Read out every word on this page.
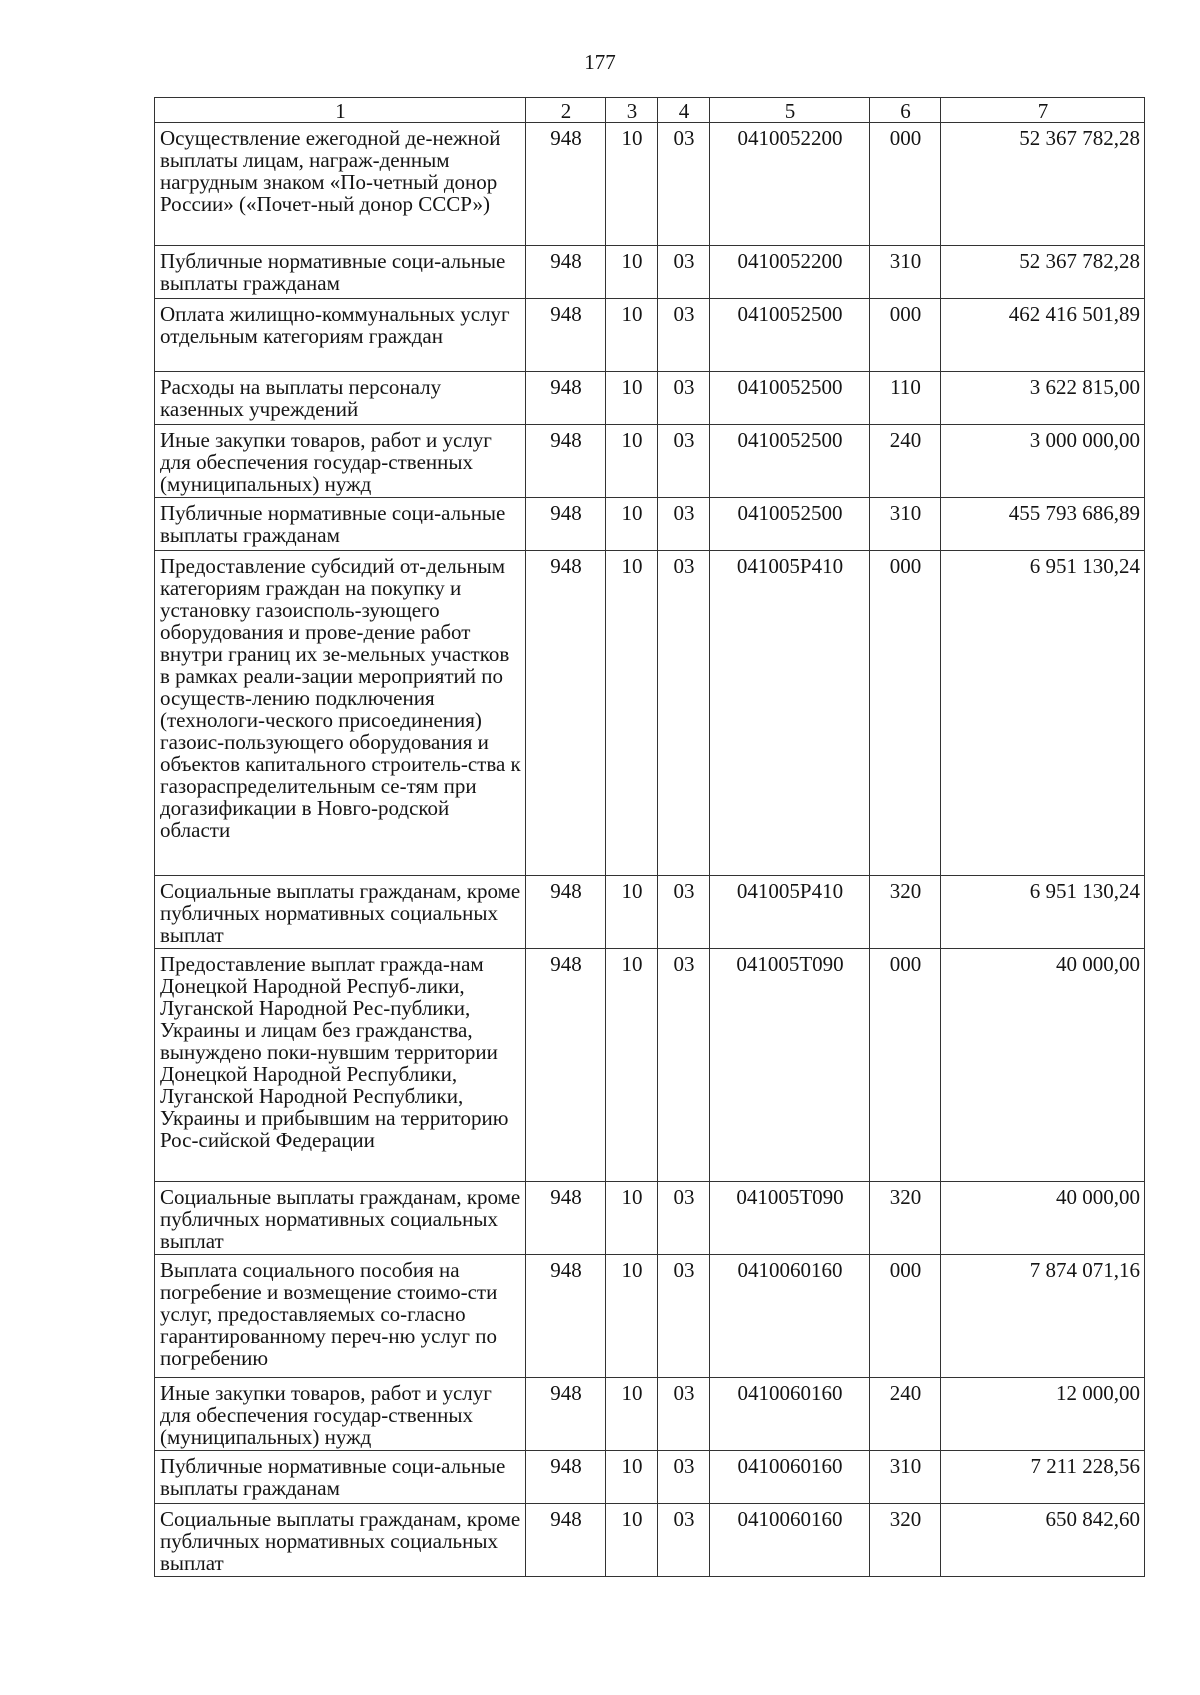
177
1	2	3	4	5	6	7
Осуществление ежегодной де-нежной выплаты лицам, награж-денным нагрудным знаком «По-четный донор России» («Почет-ный донор СССР»)	948	10	03	0410052200	000	52 367 782,28
Публичные нормативные соци-альные выплаты гражданам	948	10	03	0410052200	310	52 367 782,28
Оплата жилищно-коммунальных услуг отдельным категориям граждан	948	10	03	0410052500	000	462 416 501,89
Расходы на выплаты персоналу казенных учреждений	948	10	03	0410052500	110	3 622 815,00
Иные закупки товаров, работ и услуг для обеспечения государ-ственных (муниципальных) нужд	948	10	03	0410052500	240	3 000 000,00
Публичные нормативные соци-альные выплаты гражданам	948	10	03	0410052500	310	455 793 686,89
Предоставление субсидий от-дельным категориям граждан на покупку и установку газоисполь-зующего оборудования и прове-дение работ внутри границ их зе-мельных участков в рамках реали-зации мероприятий по осуществ-лению подключения (технологи-ческого присоединения) газоис-пользующего оборудования и объектов капитального строитель-ства к газораспределительным се-тям при догазификации в Новго-родской области	948	10	03	041005Р410	000	6 951 130,24
Социальные выплаты гражданам, кроме публичных нормативных социальных выплат	948	10	03	041005Р410	320	6 951 130,24
Предоставление выплат гражда-нам Донецкой Народной Респуб-лики, Луганской Народной Рес-публики, Украины и лицам без гражданства, вынуждено поки-нувшим территории Донецкой Народной Республики, Луганской Народной Республики, Украины и прибывшим на территорию Рос-сийской Федерации	948	10	03	041005Т090	000	40 000,00
Социальные выплаты гражданам, кроме публичных нормативных социальных выплат	948	10	03	041005Т090	320	40 000,00
Выплата социального пособия на погребение и возмещение стоимо-сти услуг, предоставляемых со-гласно гарантированному переч-ню услуг по погребению	948	10	03	0410060160	000	7 874 071,16
Иные закупки товаров, работ и услуг для обеспечения государ-ственных (муниципальных) нужд	948	10	03	0410060160	240	12 000,00
Публичные нормативные соци-альные выплаты гражданам	948	10	03	0410060160	310	7 211 228,56
Социальные выплаты гражданам, кроме публичных нормативных социальных выплат	948	10	03	0410060160	320	650 842,60
